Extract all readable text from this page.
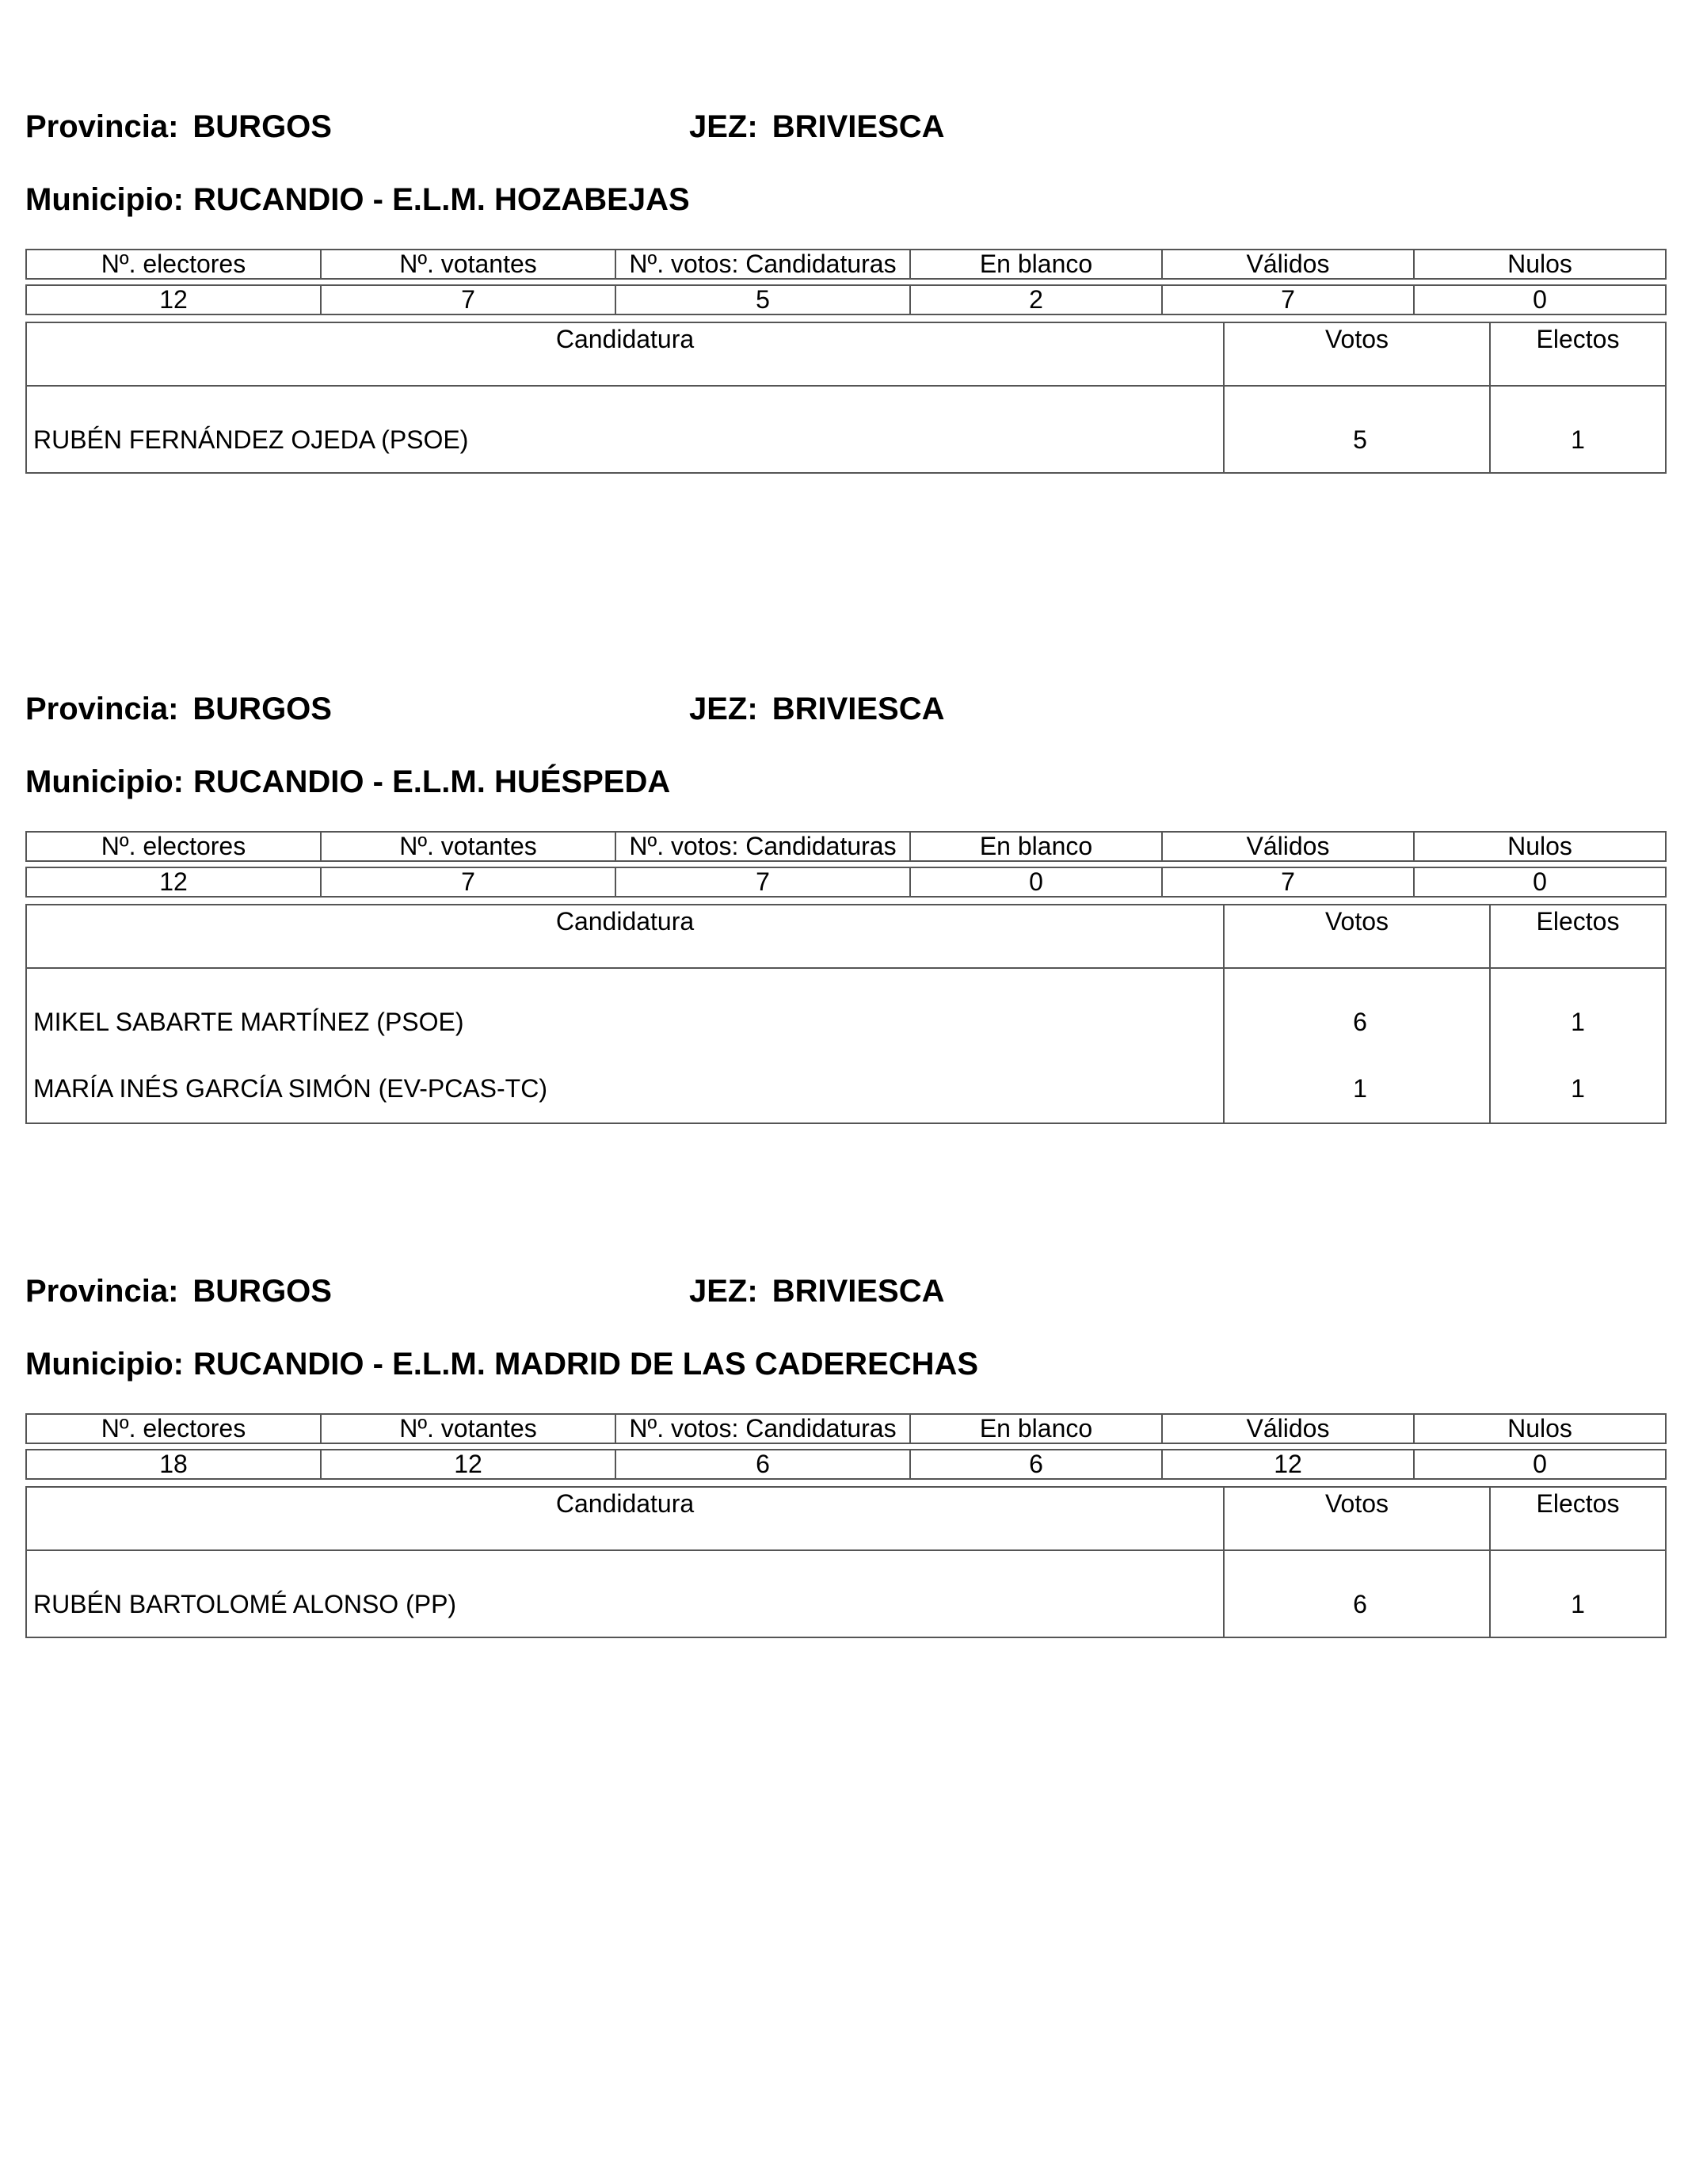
Provincia: BURGOS	JEZ: BRIVIESCA
Municipio: RUCANDIO - E.L.M. HOZABEJAS
Nº. electores	Nº. votantes	Nº. votos: Candidaturas	En blanco	Válidos	Nulos

12	7	5	2	7	0
Candidatura	Votos	Electos
RUBÉN FERNÁNDEZ OJEDA (PSOE)	5	1
Provincia: BURGOS	JEZ: BRIVIESCA
Municipio: RUCANDIO - E.L.M. HUÉSPEDA
Nº. electores	Nº. votantes	Nº. votos: Candidaturas	En blanco	Válidos	Nulos

12	7	7	0	7	0
Candidatura	Votos	Electos
MIKEL SABARTE MARTÍNEZ (PSOE)	6	1
MARÍA INÉS GARCÍA SIMÓN (EV-PCAS-TC)	1	1
Provincia: BURGOS	JEZ: BRIVIESCA
Municipio: RUCANDIO - E.L.M. MADRID DE LAS CADERECHAS
Nº. electores	Nº. votantes	Nº. votos: Candidaturas	En blanco	Válidos	Nulos

18	12	6	6	12	0
Candidatura	Votos	Electos
RUBÉN BARTOLOMÉ ALONSO (PP)	6	1
